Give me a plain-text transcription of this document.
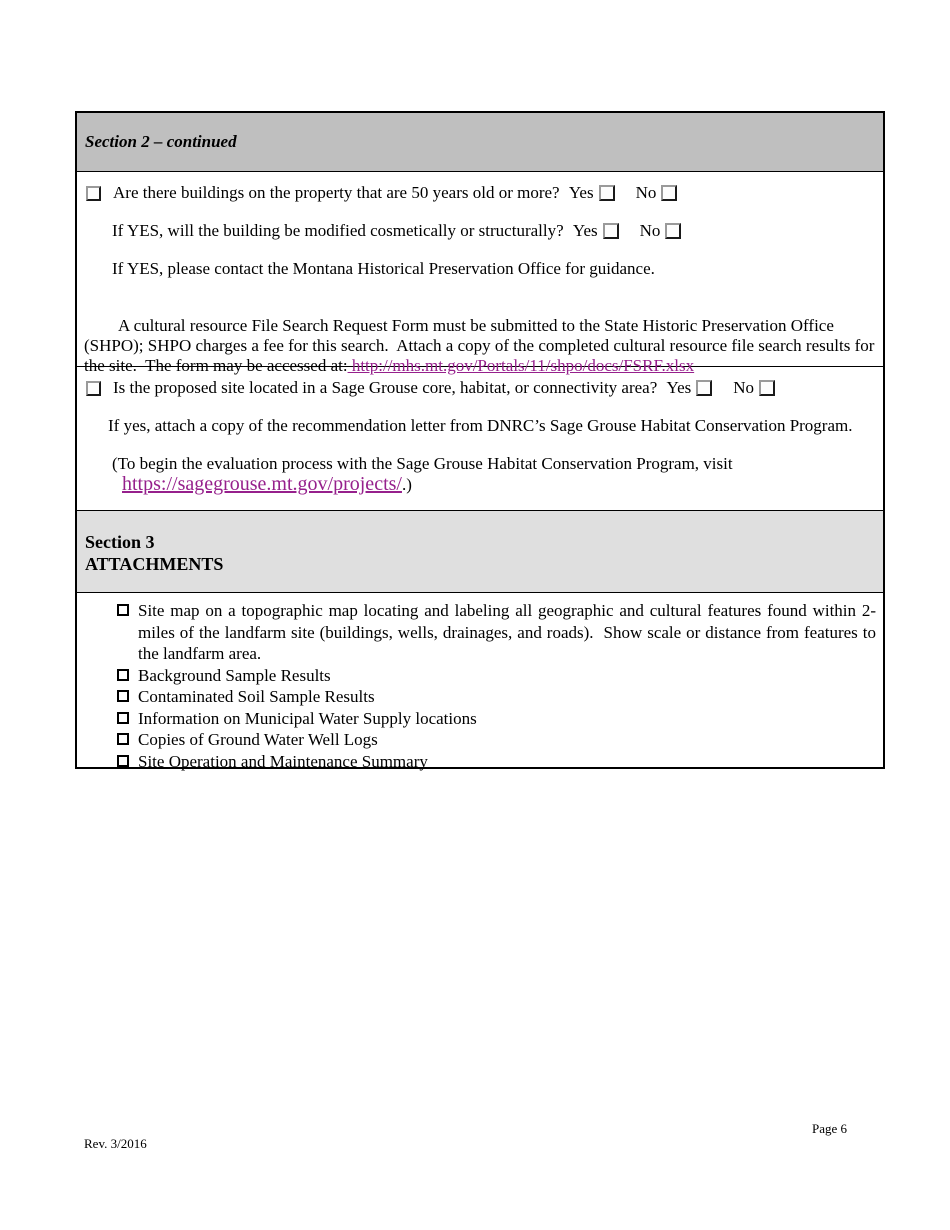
Section 2 – continued
Are there buildings on the property that are 50 years old or more? Yes No
If YES, will the building be modified cosmetically or structurally? Yes No
If YES, please contact the Montana Historical Preservation Office for guidance.

A cultural resource File Search Request Form must be submitted to the State Historic Preservation Office (SHPO); SHPO charges a fee for this search.  Attach a copy of the completed cultural resource file search results for the site.  The form may be accessed at: http://mhs.mt.gov/Portals/11/shpo/docs/FSRF.xlsx

Is the proposed site located in a Sage Grouse core, habitat, or connectivity area? Yes No
If yes, attach a copy of the recommendation letter from DNRC’s Sage Grouse Habitat Conservation Program.
(To begin the evaluation process with the Sage Grouse Habitat Conservation Program, visit
https://sagegrouse.mt.gov/projects/.)
Section 3
ATTACHMENTS
Site map on a topographic map locating and labeling all geographic and cultural features found within 2-miles of the landfarm site (buildings, wells, drainages, and roads).  Show scale or distance from features to the landfarm area.
Background Sample Results
Contaminated Soil Sample Results
Information on Municipal Water Supply locations
Copies of Ground Water Well Logs
Site Operation and Maintenance Summary
Page 6
Rev. 3/2016
